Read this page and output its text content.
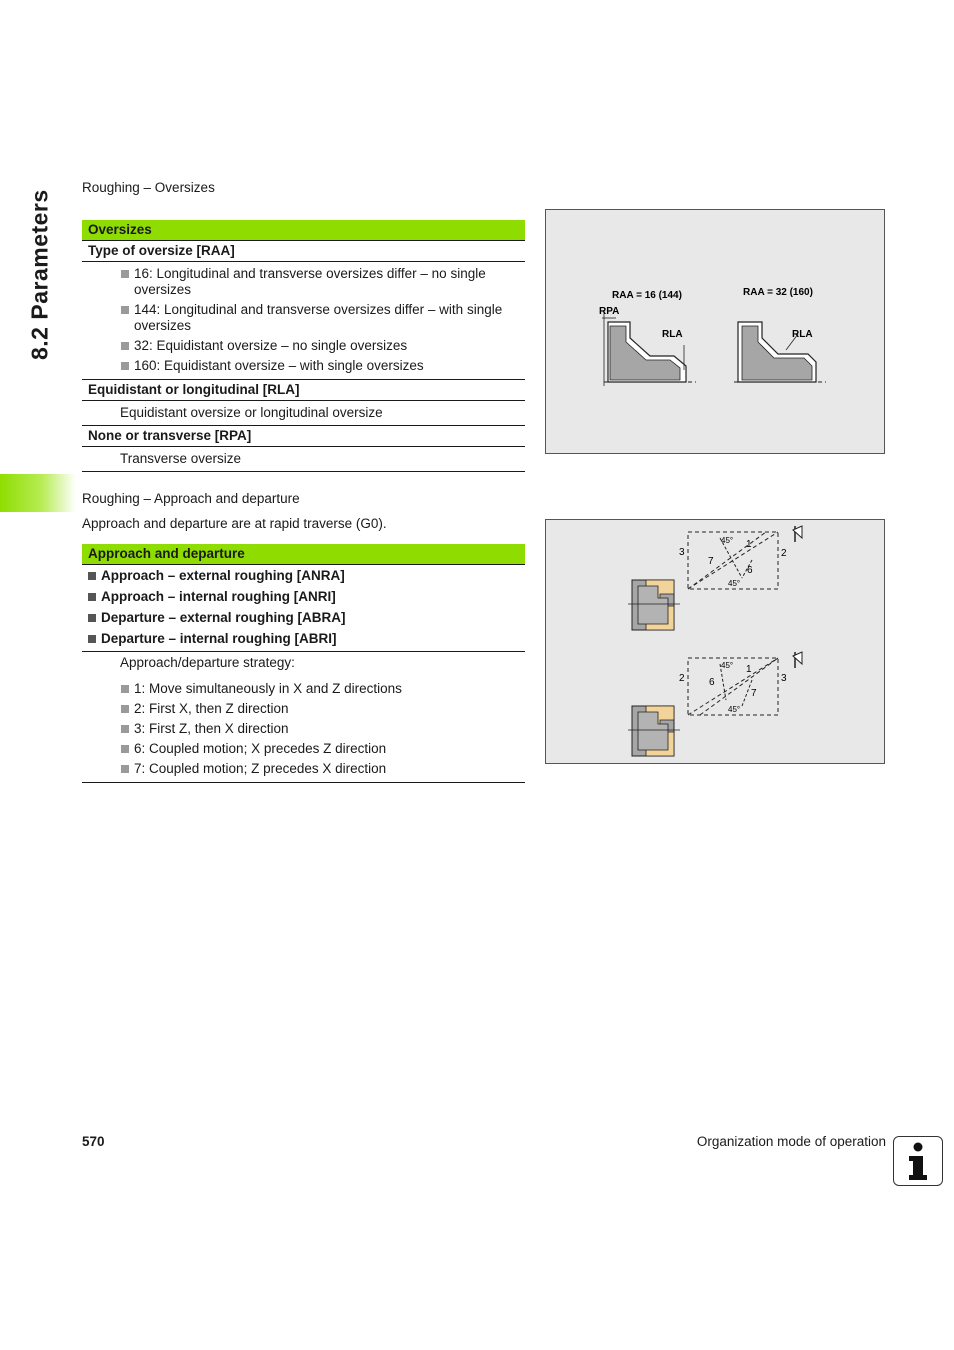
8.2 Parameters
Roughing – Oversizes
Oversizes
Type of oversize [RAA]
16: Longitudinal and transverse oversizes differ – no single oversizes
144: Longitudinal and transverse oversizes differ – with single oversizes
32: Equidistant oversize – no single oversizes
160: Equidistant oversize – with single oversizes
Equidistant or longitudinal [RLA]
Equidistant oversize or longitudinal oversize
None or transverse [RPA]
Transverse oversize
RAA = 16 (144)
RPA
RLA
RAA = 32 (160)
RLA
Roughing – Approach and departure
Approach and departure are at rapid traverse (G0).
Approach and departure
Approach – external roughing [ANRA]
Approach – internal roughing [ANRI]
Departure – external roughing [ABRA]
Departure – internal roughing [ABRI]
Approach/departure strategy:
1: Move simultaneously in X and Z directions
2: First X, then Z direction
3: First Z, then X direction
6: Coupled motion; X precedes Z direction
7: Coupled motion; Z precedes X direction
3	2
1
7
6
45°
45°
2	3
1
6
7
45°
45°
570	Organization mode of operation
